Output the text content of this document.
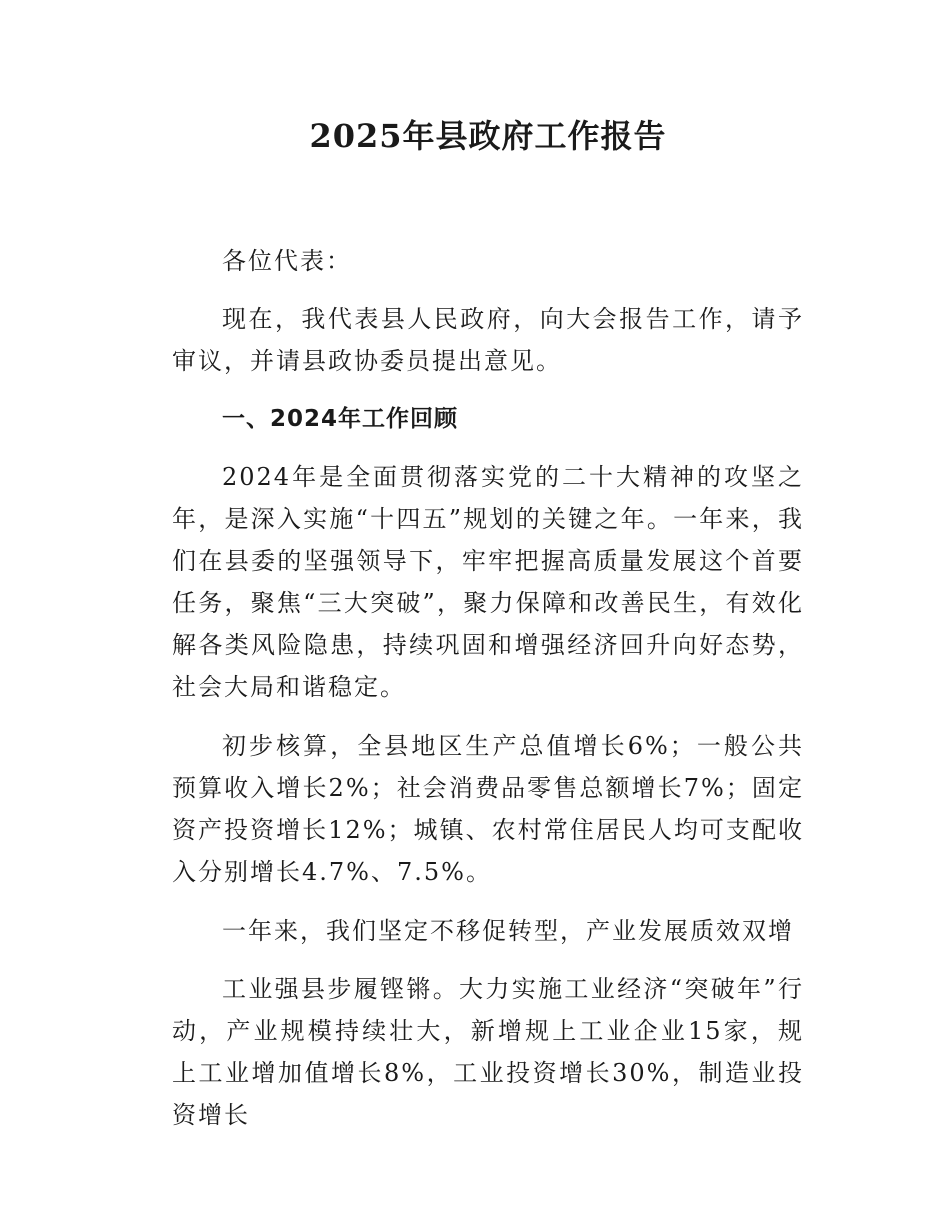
2025年县政府工作报告

各位代表：

现在，我代表县人民政府，向大会报告工作，请予审议，并请县政协委员提出意见。

一、2024年工作回顾

2024年是全面贯彻落实党的二十大精神的攻坚之年，是深入实施“十四五”规划的关键之年。一年来，我们在县委的坚强领导下，牢牢把握高质量发展这个首要任务，聚焦“三大突破”，聚力保障和改善民生，有效化解各类风险隐患，持续巩固和增强经济回升向好态势，社会大局和谐稳定。

初步核算，全县地区生产总值增长6%；一般公共预算收入增长2%；社会消费品零售总额增长7%；固定资产投资增长12%；城镇、农村常住居民人均可支配收入分别增长4.7%、7.5%。

一年来，我们坚定不移促转型，产业发展质效双增

工业强县步履铿锵。大力实施工业经济“突破年”行动，产业规模持续壮大，新增规上工业企业15家，规上工业增加值增长8%，工业投资增长30%，制造业投资增长
